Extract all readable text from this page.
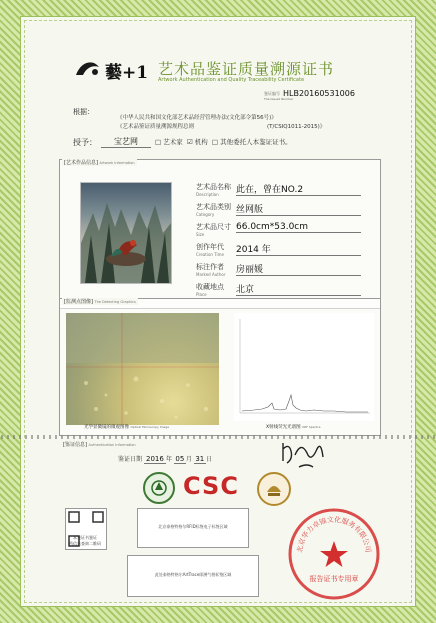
藝+1 艺术品鉴证质量溯源证书
Artwork Authentication and Quality Traceability Certificate
鉴证编号
The Issued Number
HLB20160531006
根据：
《中华人民共和国文化部艺术品经营管理办法(文化部令第56号)》
《艺术品鉴证质量溯源规程总则	(T/CSIQ1011-2015)》
授予：	宝艺网	□ 艺术家 ☑ 机构 □ 其他委托人本鉴证证书。
[艺术作品信息] Artwork Information
艺术品名称
Description	此在，曾在NO.2
艺术品类别
Category	丝网版
艺术品尺寸
Size
66.0cm*53.0cm
创作年代
Creation Time	2014 年
标注作者
Marked Author	房丽媛
收藏地点
Place	北京
[监测点图像] The Detecting Graphics
光学显微镜的微观图像 Optical Microscopy Image	X射线荧光光谱图 XRF Spectra
[鉴证信息] Authentication Information
鉴证日期 2016 年 05 月 31 日
CSC
本鉴证书鉴证
所信息查询二维码
北京泰格特格尔RFID标签电子标签区域
此处泰格特格尔ArtTrace即溯气相标签区域
北京华力卓锦文化服务有限公司
报告证书专用章
